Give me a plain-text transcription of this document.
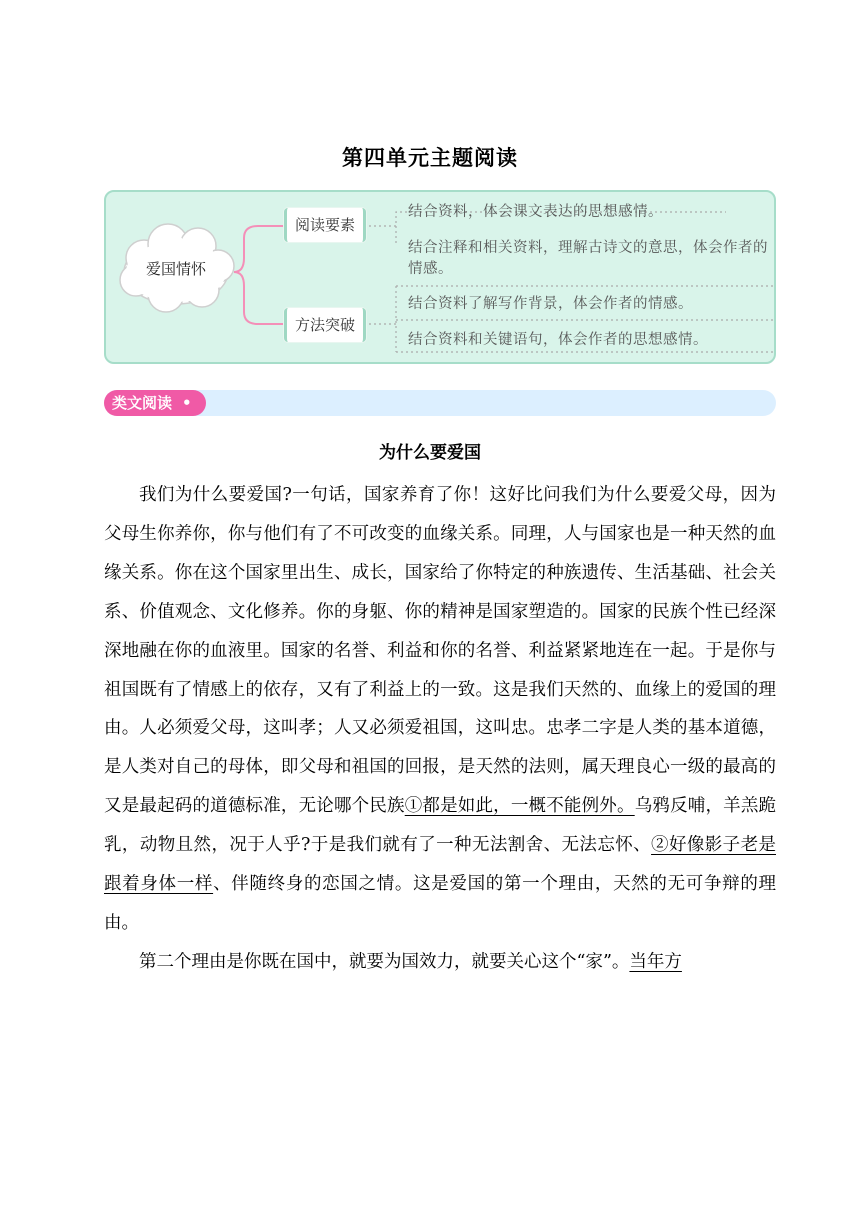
第四单元主题阅读
爱国情怀
阅读要素
方法突破
结合资料，体会课文表达的思想感情。
结合注释和相关资料，理解古诗文的意思，体会作者的情感。
结合资料了解写作背景，体会作者的情感。
结合资料和关键语句，体会作者的思想感情。
类文阅读 •
为什么要爱国

我们为什么要爱国?一句话，国家养育了你！这好比问我们为什么要爱父母，因为父母生你养你，你与他们有了不可改变的血缘关系。同理，人与国家也是一种天然的血缘关系。你在这个国家里出生、成长，国家给了你特定的种族遗传、生活基础、社会关系、价值观念、文化修养。你的身躯、你的精神是国家塑造的。国家的民族个性已经深深地融在你的血液里。国家的名誉、利益和你的名誉、利益紧紧地连在一起。于是你与祖国既有了情感上的依存，又有了利益上的一致。这是我们天然的、血缘上的爱国的理由。人必须爱父母，这叫孝；人又必须爱祖国，这叫忠。忠孝二字是人类的基本道德，是人类对自己的母体，即父母和祖国的回报，是天然的法则，属天理良心一级的最高的又是最起码的道德标准，无论哪个民族①都是如此，一概不能例外。乌鸦反哺，羊羔跪乳，动物且然，况于人乎?于是我们就有了一种无法割舍、无法忘怀、②好像影子老是跟着身体一样、伴随终身的恋国之情。这是爱国的第一个理由，天然的无可争辩的理由。

第二个理由是你既在国中，就要为国效力，就要关心这个“家”。当年方
